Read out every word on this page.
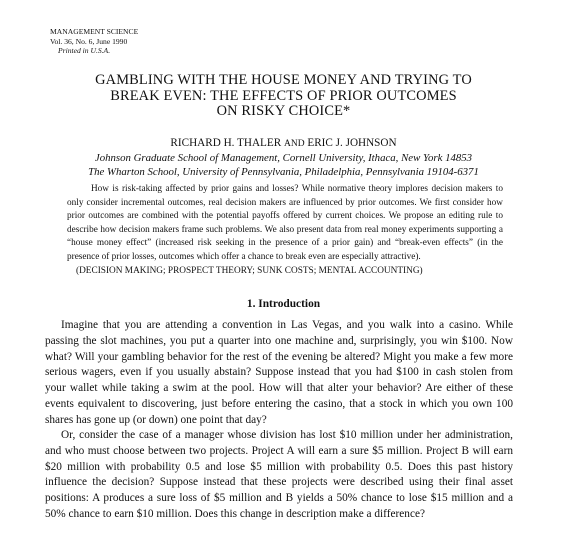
MANAGEMENT SCIENCE
Vol. 36, No. 6, June 1990
Printed in U.S.A.
GAMBLING WITH THE HOUSE MONEY AND TRYING TO
BREAK EVEN: THE EFFECTS OF PRIOR OUTCOMES
ON RISKY CHOICE*
RICHARD H. THALER AND ERIC J. JOHNSON
Johnson Graduate School of Management, Cornell University, Ithaca, New York 14853
The Wharton School, University of Pennsylvania, Philadelphia, Pennsylvania 19104-6371

How is risk-taking affected by prior gains and losses? While normative theory implores decision makers to only consider incremental outcomes, real decision makers are influenced by prior outcomes. We first consider how prior outcomes are combined with the potential payoffs offered by current choices. We propose an editing rule to describe how decision makers frame such problems. We also present data from real money experiments supporting a “house money effect” (increased risk seeking in the presence of a prior gain) and “break-even effects” (in the presence of prior losses, outcomes which offer a chance to break even are especially attractive).

(DECISION MAKING; PROSPECT THEORY; SUNK COSTS; MENTAL ACCOUNTING)
1. Introduction

Imagine that you are attending a convention in Las Vegas, and you walk into a casino. While passing the slot machines, you put a quarter into one machine and, surprisingly, you win $100. Now what? Will your gambling behavior for the rest of the evening be altered? Might you make a few more serious wagers, even if you usually abstain? Suppose instead that you had $100 in cash stolen from your wallet while taking a swim at the pool. How will that alter your behavior? Are either of these events equivalent to discovering, just before entering the casino, that a stock in which you own 100 shares has gone up (or down) one point that day?

Or, consider the case of a manager whose division has lost $10 million under her administration, and who must choose between two projects. Project A will earn a sure $5 million. Project B will earn $20 million with probability 0.5 and lose $5 million with probability 0.5. Does this past history influence the decision? Suppose instead that these projects were described using their final asset positions: A produces a sure loss of $5 million and B yields a 50% chance to lose $15 million and a 50% chance to earn $10 million. Does this change in description make a difference?
